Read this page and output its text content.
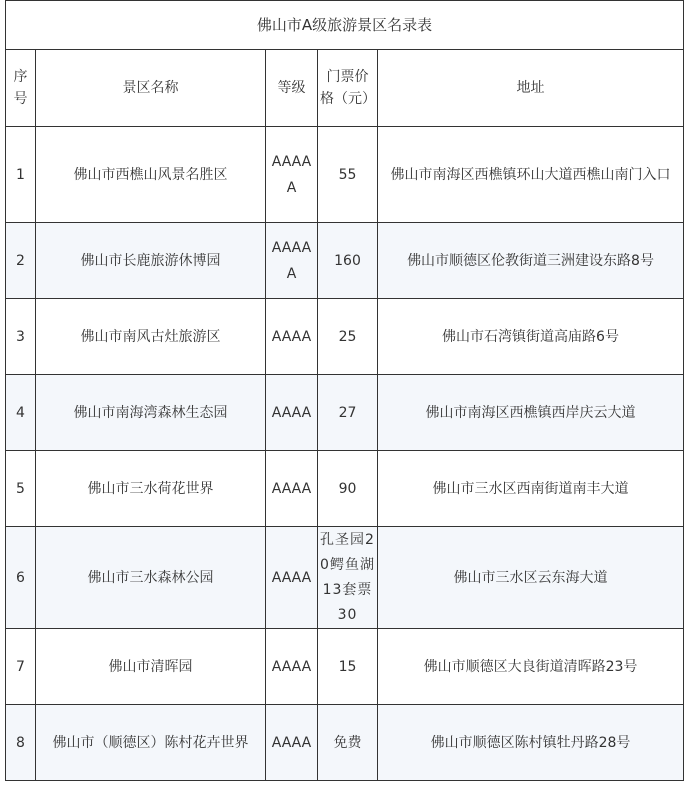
佛山市A级旅游景区名录表				
序号	景区名称	等级	门票价格（元）	地址
1	佛山市西樵山风景名胜区	AAAAA	55	佛山市南海区西樵镇环山大道西樵山南门入口
2	佛山市长鹿旅游休博园	AAAAA	160	佛山市顺德区伦教街道三洲建设东路8号
3	佛山市南风古灶旅游区	AAAA	25	佛山市石湾镇街道高庙路6号
4	佛山市南海湾森林生态园	AAAA	27	佛山市南海区西樵镇西岸庆云大道
5	佛山市三水荷花世界	AAAA	90	佛山市三水区西南街道南丰大道
6	佛山市三水森林公园	AAAA	孔圣园20鳄鱼湖13套票30	佛山市三水区云东海大道
7	佛山市清晖园	AAAA	15	佛山市顺德区大良街道清晖路23号
8	佛山市（顺德区）陈村花卉世界	AAAA	免费	佛山市顺德区陈村镇牡丹路28号
